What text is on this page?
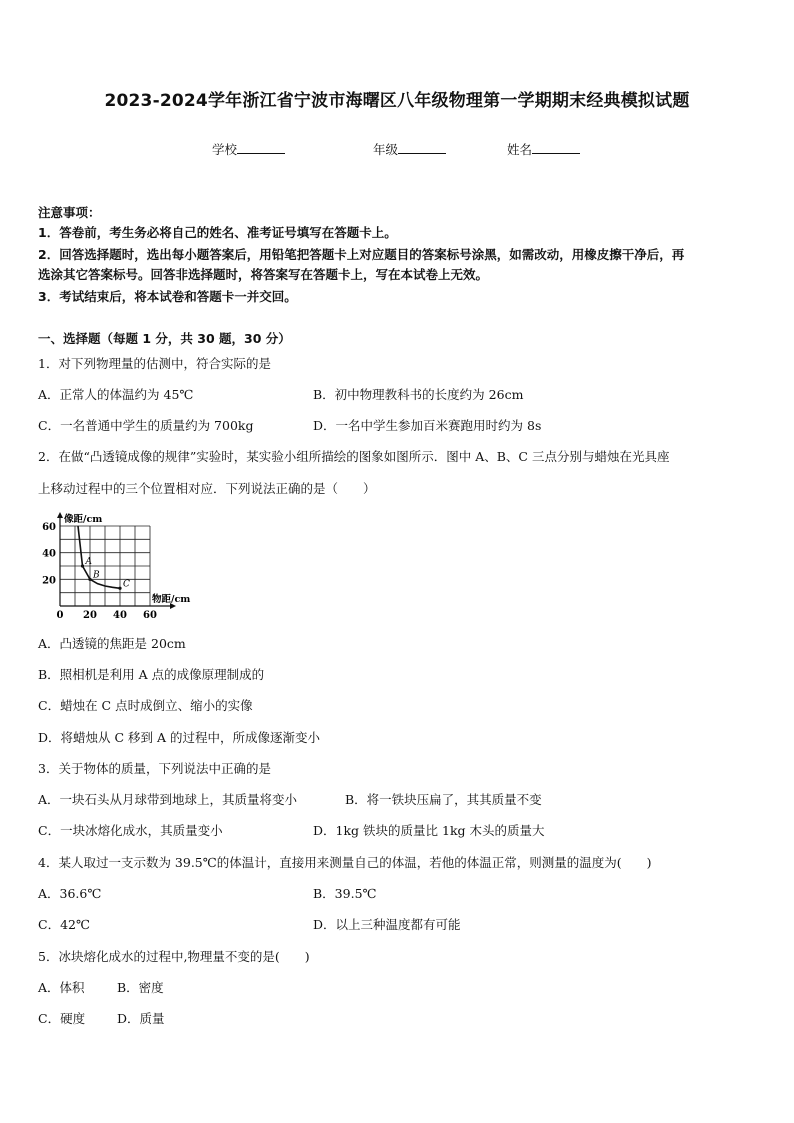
2023-2024学年浙江省宁波市海曙区八年级物理第一学期期末经典模拟试题
学校	年级	姓名
注意事项：
1．答卷前，考生务必将自己的姓名、准考证号填写在答题卡上。
2．回答选择题时，选出每小题答案后，用铅笔把答题卡上对应题目的答案标号涂黑，如需改动，用橡皮擦干净后，再
选涂其它答案标号。回答非选择题时，将答案写在答题卡上，写在本试卷上无效。
3．考试结束后，将本试卷和答题卡一并交回。
一、选择题（每题 1 分，共 30 题，30 分）
1．对下列物理量的估测中，符合实际的是
A．正常人的体温约为 45℃	B．初中物理教科书的长度约为 26cm
C．一名普通中学生的质量约为 700kg	D．一名中学生参加百米赛跑用时约为 8s
2．在做“凸透镜成像的规律”实验时，某实验小组所描绘的图象如图所示．图中 A、B、C 三点分别与蜡烛在光具座
上移动过程中的三个位置相对应．下列说法正确的是（　　）
像距/cm
物距/cm
0 20 40 60
20
40
60
A
B
C
A．凸透镜的焦距是 20cm
B．照相机是利用 A 点的成像原理制成的
C．蜡烛在 C 点时成倒立、缩小的实像
D．将蜡烛从 C 移到 A 的过程中，所成像逐渐变小
3．关于物体的质量，下列说法中正确的是
A．一块石头从月球带到地球上，其质量将变小	B．将一铁块压扁了，其其质量不变
C．一块冰熔化成水，其质量变小	D．1kg 铁块的质量比 1kg 木头的质量大
4．某人取过一支示数为 39.5℃的体温计，直接用来测量自己的体温，若他的体温正常，则测量的温度为(　　)
A．36.6℃	B．39.5℃
C．42℃	D．以上三种温度都有可能
5．冰块熔化成水的过程中,物理量不变的是(　　)
A．体积	B．密度
C．硬度	D．质量
